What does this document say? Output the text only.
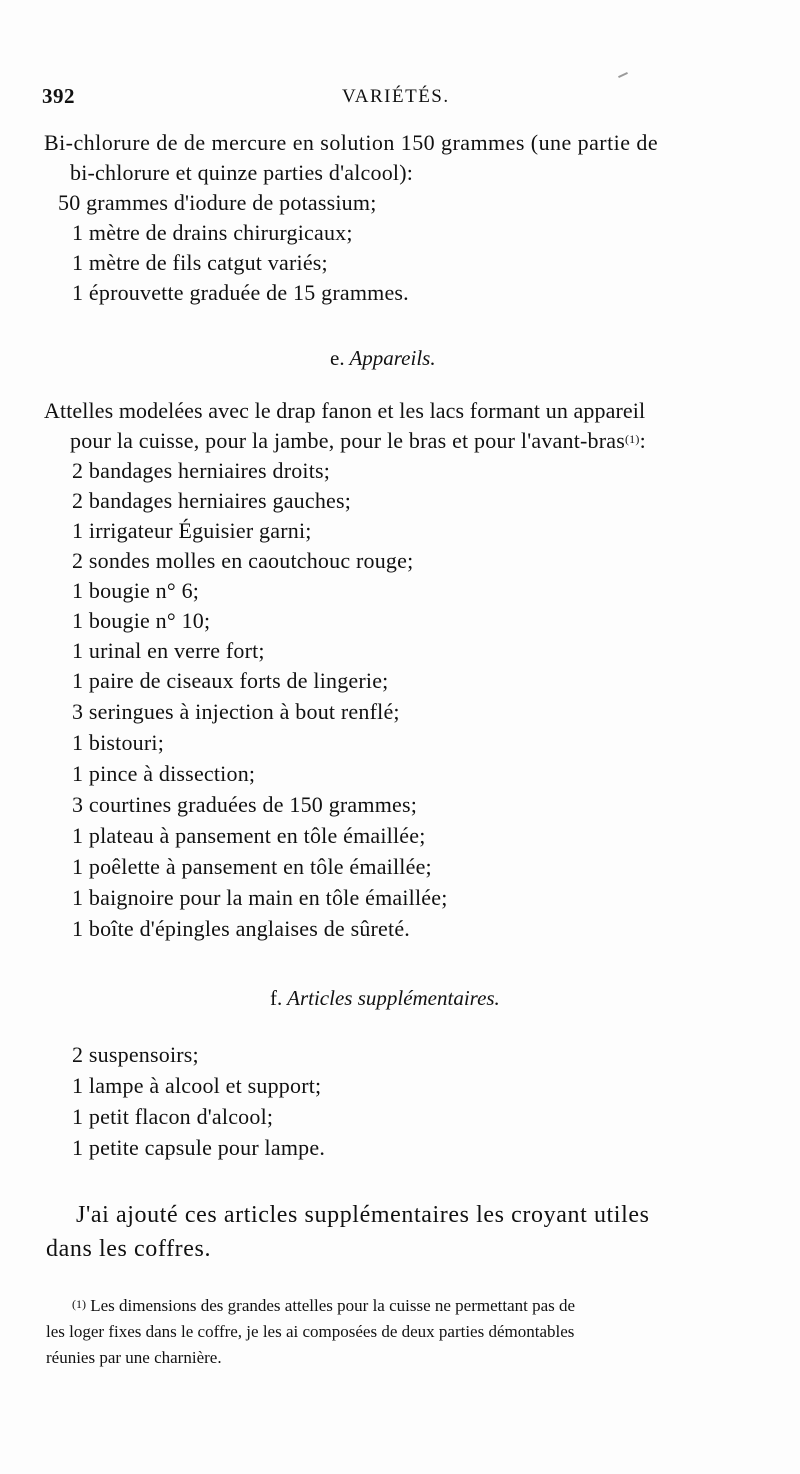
392	VARIÉTÉS.
Bi-chlorure de de mercure en solution 150 grammes (une partie de
bi-chlorure et quinze parties d'alcool):
50 grammes d'iodure de potassium;
1 mètre de drains chirurgicaux;
1 mètre de fils catgut variés;
1 éprouvette graduée de 15 grammes.
e. Appareils.
Attelles modelées avec le drap fanon et les lacs formant un appareil
pour la cuisse, pour la jambe, pour le bras et pour l'avant-bras$^{(1)}$:
2 bandages herniaires droits;
2 bandages herniaires gauches;
1 irrigateur Éguisier garni;
2 sondes molles en caoutchouc rouge;
1 bougie n° 6;
1 bougie n° 10;
1 urinal en verre fort;
1 paire de ciseaux forts de lingerie;
3 seringues à injection à bout renflé;
1 bistouri;
1 pince à dissection;
3 courtines graduées de 150 grammes;
1 plateau à pansement en tôle émaillée;
1 poêlette à pansement en tôle émaillée;
1 baignoire pour la main en tôle émaillée;
1 boîte d'épingles anglaises de sûreté.
f. Articles supplémentaires.
2 suspensoirs;
1 lampe à alcool et support;
1 petit flacon d'alcool;
1 petite capsule pour lampe.
J'ai ajouté ces articles supplémentaires les croyant utiles
dans les coffres.
$^{(1)}$ Les dimensions des grandes attelles pour la cuisse ne permettant pas de
les loger fixes dans le coffre, je les ai composées de deux parties démontables
réunies par une charnière.
